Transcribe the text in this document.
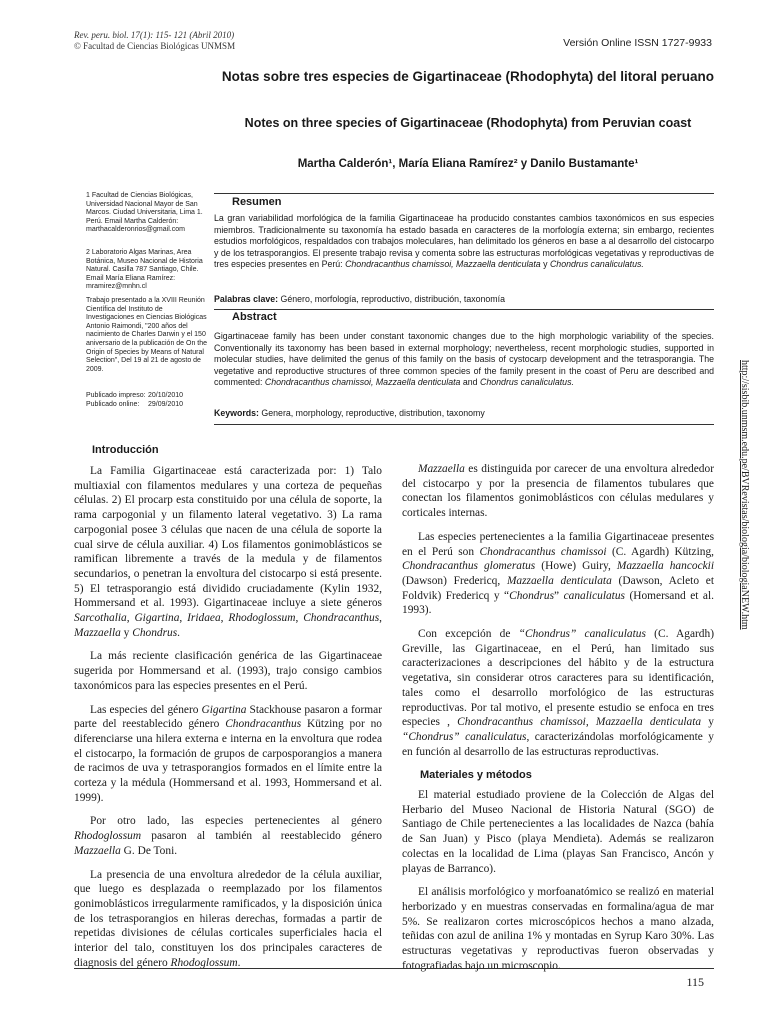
Rev. peru. biol. 17(1): 115- 121 (Abril 2010)
© Facultad de Ciencias Biológicas UNMSM	Versión Online ISSN 1727-9933
Notas sobre tres especies de Gigartinaceae (Rhodophyta) del litoral peruano
Notes on three species of Gigartinaceae (Rhodophyta) from Peruvian coast
Martha Calderón¹, María Eliana Ramírez² y Danilo Bustamante¹
1 Facultad de Ciencias Biológicas, Universidad Nacional Mayor de San Marcos. Ciudad Universitaria, Lima 1. Perú. Email Martha Calderón: marthacalderonrios@gmail.com
2 Laboratorio Algas Marinas, Area Botánica, Museo Nacional de Historia Natural. Casilla 787 Santiago, Chile. Email María Eliana Ramírez: mramirez@mnhn.cl
Trabajo presentado a la XVIII Reunión Científica del Instituto de Investigaciones en Ciencias Biológicas Antonio Raimondi, "200 años del nacimiento de Charles Darwin y el 150 aniversario de la publicación de On the Origin of Species by Means of Natural Selection", Del 19 al 21 de agosto de 2009.
Publicado impreso: 20/10/2010
Publicado online: 29/09/2010
Resumen
La gran variabilidad morfológica de la familia Gigartinaceae ha producido constantes cambios taxonómicos en sus especies miembros. Tradicionalmente su taxonomía ha estado basada en caracteres de la morfología externa; sin embargo, recientes estudios morfológicos, respaldados con trabajos moleculares, han delimitado los géneros en base a al desarrollo del cistocarpo y de los tetrasporangios. El presente trabajo revisa y comenta sobre las estructuras morfológicas vegetativas y reproductivas de tres especies presentes en Perú: Chondracanthus chamissoi, Mazzaella denticulata y Chondrus canaliculatus.
Palabras clave: Género, morfología, reproductivo, distribución, taxonomía
Abstract
Gigartinaceae family has been under constant taxonomic changes due to the high morphologic variability of the species. Conventionally its taxonomy has been based in external morphology; nevertheless, recent morphologic studies, supported in molecular studies, have delimited the genus of this family on the basis of cystocarp development and the tetrasporangia. The vegetative and reproductive structures of three common species of the family present in the coast of Peru are described and commented: Chondracanthus chamissoi, Mazzaella denticulata and Chondrus canaliculatus.
Keywords: Genera, morphology, reproductive, distribution, taxonomy
Introducción

La Familia Gigartinaceae está caracterizada por: 1) Talo multiaxial con filamentos medulares y una corteza de pequeñas células. 2) El procarp esta constituido por una célula de soporte, la rama carpogonial y un filamento lateral vegetativo. 3) La rama carpogonial posee 3 células que nacen de una célula de soporte la cual sirve de célula auxiliar. 4) Los filamentos gonimoblásticos se ramifican libremente a través de la medula y de filamentos secundarios, o penetran la envoltura del cistocarpo si está presente. 5) El tetrasporangio está dividido cruciadamente (Kylin 1932, Hommersand et al. 1993). Gigartinaceae incluye a siete géneros Sarcothalia, Gigartina, Iridaea, Rhodoglossum, Chondracanthus, Mazzaella y Chondrus.

La más reciente clasificación genérica de las Gigartinaceae sugerida por Hommersand et al. (1993), trajo consigo cambios taxonómicos para las especies presentes en el Perú.

Las especies del género Gigartina Stackhouse pasaron a formar parte del reestablecido género Chondracanthus Kützing por no diferenciarse una hilera externa e interna en la envoltura que rodea el cistocarpo, la formación de grupos de carposporangios a manera de racimos de uva y tetrasporangios formados en el límite entre la corteza y la médula (Hommersand et al. 1993, Hommersand et al. 1999).

Por otro lado, las especies pertenecientes al género Rhodoglossum pasaron al también al reestablecido género Mazzaella G. De Toni.

La presencia de una envoltura alrededor de la célula auxiliar, que luego es desplazada o reemplazado por los filamentos gonimoblásticos irregularmente ramificados, y la disposición única de los tetrasporangios en hileras derechas, formadas a partir de repetidas divisiones de células corticales superficiales hacia el interior del talo, constituyen los dos principales caracteres de diagnosis del género Rhodoglossum.

Mazzaella es distinguida por carecer de una envoltura alrededor del cistocarpo y por la presencia de filamentos tubulares que conectan los filamentos gonimoblásticos con células medulares y corticales internas.

Las especies pertenecientes a la familia Gigartinaceae presentes en el Perú son Chondracanthus chamissoi (C. Agardh) Kützing, Chondracanthus glomeratus (Howe) Guiry, Mazzaella hancockii (Dawson) Fredericq, Mazzaella denticulata (Dawson, Acleto et Foldvik) Fredericq y “Chondrus” canaliculatus (Homersand et al. 1993).

Con excepción de “Chondrus” canaliculatus (C. Agardh) Greville, las Gigartinaceae, en el Perú, han limitado sus caracterizaciones a descripciones del hábito y de la estructura vegetativa, sin considerar otros caracteres para su identificación, tales como el desarrollo morfológico de las estructuras reproductivas. Por tal motivo, el presente estudio se enfoca en tres especies , Chondracanthus chamissoi, Mazzaella denticulata y “Chondrus” canaliculatus, caracterizándolas morfológicamente y en función al desarrollo de las estructuras reproductivas.

Materiales y métodos

El material estudiado proviene de la Colección de Algas del Herbario del Museo Nacional de Historia Natural (SGO) de Santiago de Chile pertenecientes a las localidades de Nazca (bahía de San Juan) y Pisco (playa Mendieta). Además se realizaron colectas en la localidad de Lima (playas San Francisco, Ancón y playas de Barranco).

El análisis morfológico y morfoanatómico se realizó en material herborizado y en muestras conservadas en formalina/agua de mar 5%. Se realizaron cortes microscópicos hechos a mano alzada, teñidas con azul de anilina 1% y montadas en Syrup Karo 30%. Las estructuras vegetativas y reproductivas fueron observadas y fotografiadas bajo un microscopio.

http://sisbib.unmsm.edu.pe/BVRevistas/biologia/biologiaNEW.htm
115
